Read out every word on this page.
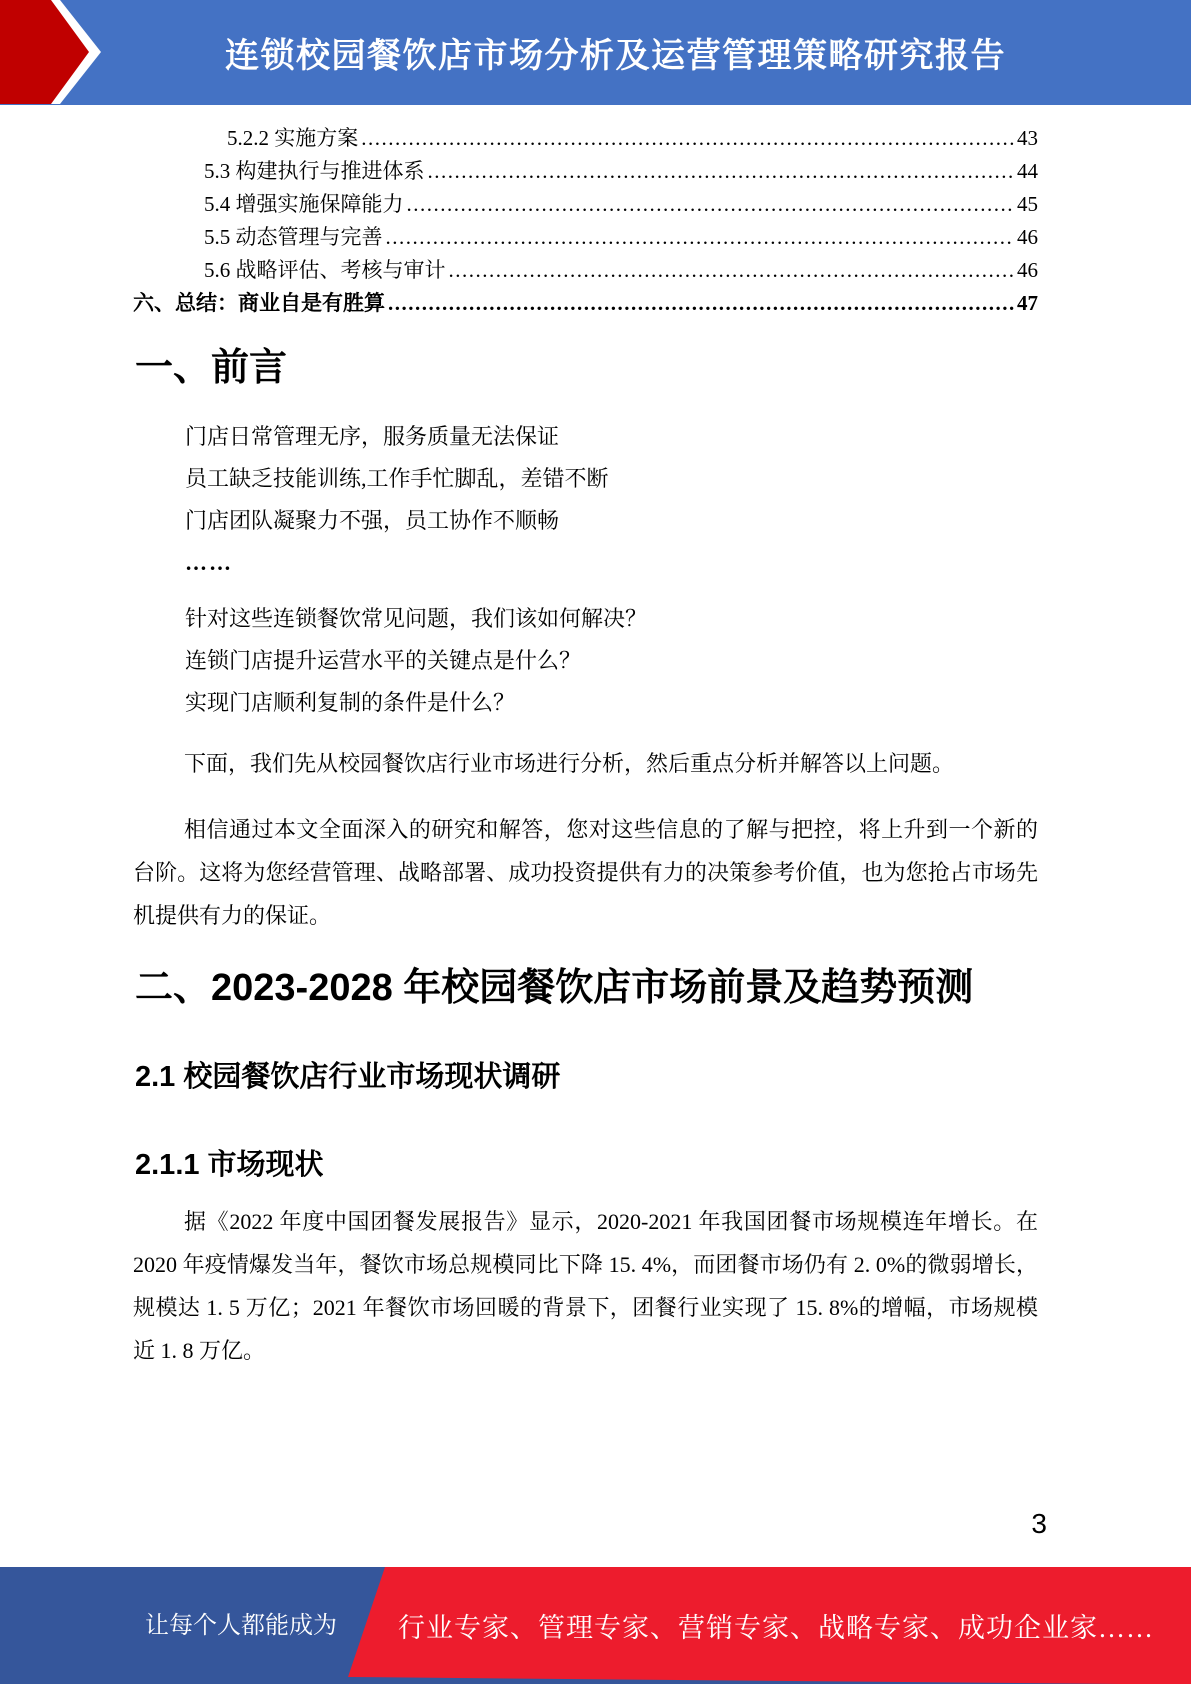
连锁校园餐饮店市场分析及运营管理策略研究报告
5.2.2 实施方案 .....	43
5.3 构建执行与推进体系 .....	44
5.4 增强实施保障能力 .....	45
5.5 动态管理与完善 .....	46
5.6 战略评估、考核与审计 .....	46
六、总结：商业自是有胜算 .....	47
一、前言
门店日常管理无序，服务质量无法保证
员工缺乏技能训练,工作手忙脚乱，差错不断
门店团队凝聚力不强，员工协作不顺畅
……
针对这些连锁餐饮常见问题，我们该如何解决？
连锁门店提升运营水平的关键点是什么？
实现门店顺利复制的条件是什么？

下面，我们先从校园餐饮店行业市场进行分析，然后重点分析并解答以上问题。

相信通过本文全面深入的研究和解答，您对这些信息的了解与把控，将上升到一个新的台阶。这将为您经营管理、战略部署、成功投资提供有力的决策参考价值，也为您抢占市场先机提供有力的保证。

二、2023-2028 年校园餐饮店市场前景及趋势预测
2.1 校园餐饮店行业市场现状调研
2.1.1 市场现状

据《2022 年度中国团餐发展报告》显示，2020-2021 年我国团餐市场规模连年增长。在 2020 年疫情爆发当年，餐饮市场总规模同比下降 15. 4%，而团餐市场仍有 2. 0%的微弱增长，规模达 1. 5 万亿；2021 年餐饮市场回暖的背景下，团餐行业实现了 15. 8%的增幅，市场规模近 1. 8 万亿。

3
让每个人都能成为 行业专家、管理专家、营销专家、战略专家、成功企业家……
